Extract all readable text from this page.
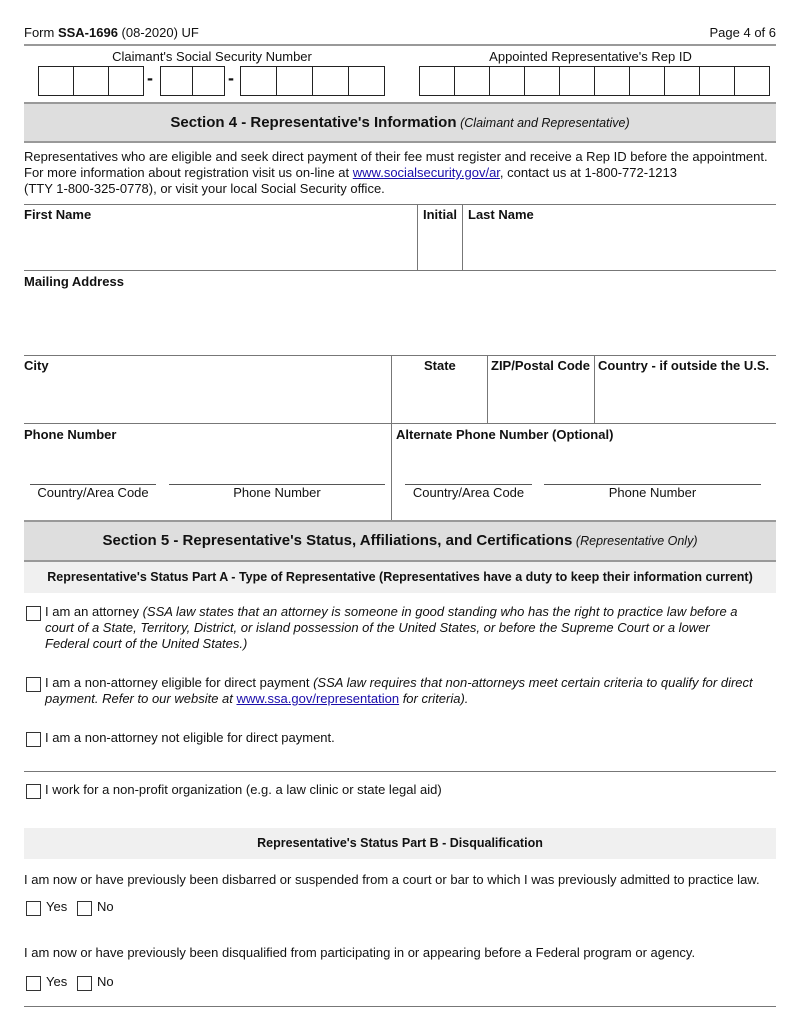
Form SSA-1696 (08-2020) UF	Page 4 of 6
Claimant's Social Security Number	Appointed Representative's Rep ID
-	-
Section 4 - Representative's Information (Claimant and Representative)
Representatives who are eligible and seek direct payment of their fee must register and receive a Rep ID before the appointment.
For more information about registration visit us on-line at www.socialsecurity.gov/ar, contact us at 1-800-772-1213
(TTY 1-800-325-0778), or visit your local Social Security office.
First Name	Initial Last Name
Mailing Address
City	State	ZIP/Postal Code Country - if outside the U.S.
Phone Number	Alternate Phone Number (Optional)
Country/Area Code	Phone Number	Country/Area Code	Phone Number
Section 5 - Representative's Status, Affiliations, and Certifications (Representative Only)
Representative's Status Part A - Type of Representative (Representatives have a duty to keep their information current)
I am an attorney (SSA law states that an attorney is someone in good standing who has the right to practice law before a
court of a State, Territory, District, or island possession of the United States, or before the Supreme Court or a lower
Federal court of the United States.)
I am a non-attorney eligible for direct payment (SSA law requires that non-attorneys meet certain criteria to qualify for direct
payment. Refer to our website at www.ssa.gov/representation for criteria).
I am a non-attorney not eligible for direct payment.
I work for a non-profit organization (e.g. a law clinic or state legal aid)
Representative's Status Part B - Disqualification
I am now or have previously been disbarred or suspended from a court or bar to which I was previously admitted to practice law.
Yes No
I am now or have previously been disqualified from participating in or appearing before a Federal program or agency.
Yes No
